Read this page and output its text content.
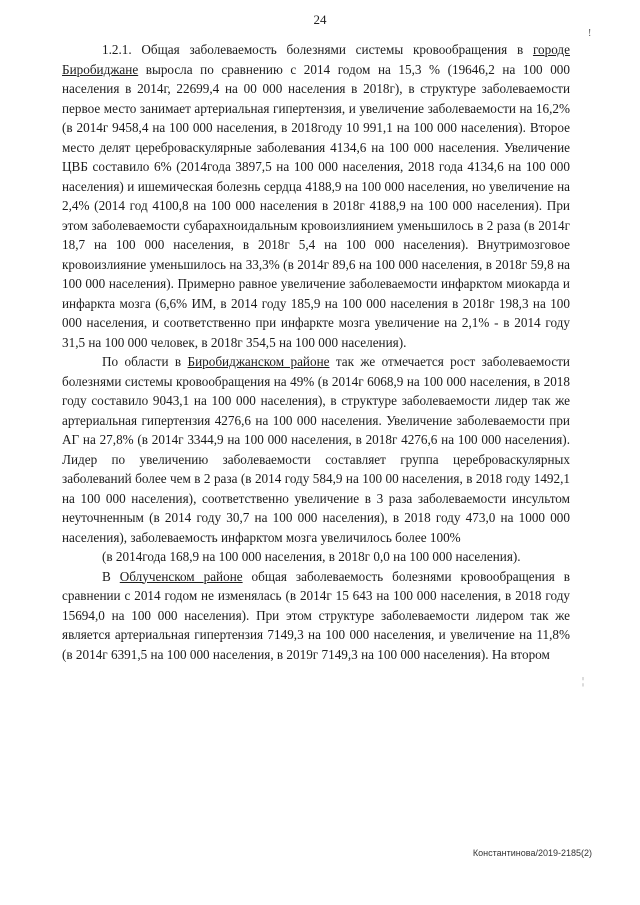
24
!
¦

1.2.1. Общая заболеваемость болезнями системы кровообращения в городе Биробиджане выросла по сравнению с 2014 годом на 15,3 % (19646,2 на 100 000 населения в 2014г, 22699,4 на 00 000 населения в 2018г), в структуре заболеваемости первое место занимает артериальная гипертензия, и увеличение заболеваемости на 16,2% (в 2014г 9458,4 на 100 000 населения, в 2018году 10 991,1 на 100 000 населения). Второе место делят цереброваскулярные заболевания 4134,6 на 100 000 населения. Увеличение ЦВБ составило 6% (2014года 3897,5 на 100 000 населения, 2018 года 4134,6 на 100 000 населения) и ишемическая болезнь сердца 4188,9 на 100 000 населения, но увеличение на 2,4% (2014 год 4100,8 на 100 000 населения в 2018г 4188,9 на 100 000 населения). При этом заболеваемости субарахноидальным кровоизлиянием уменьшилось в 2 раза (в 2014г 18,7 на 100 000 населения, в 2018г 5,4 на 100 000 населения). Внутримозговое кровоизлияние уменьшилось на 33,3% (в 2014г 89,6 на 100 000 населения, в 2018г 59,8 на 100 000 населения). Примерно равное увеличение заболеваемости инфарктом миокарда и инфаркта мозга (6,6% ИМ, в 2014 году 185,9 на 100 000 населения в 2018г 198,3 на 100 000 населения, и соответственно при инфаркте мозга увеличение на 2,1% - в 2014 году 31,5 на 100 000 человек, в 2018г 354,5 на 100 000 населения).

По области в Биробиджанском районе так же отмечается рост заболеваемости болезнями системы кровообращения на 49% (в 2014г 6068,9 на 100 000 населения, в 2018 году составило 9043,1 на 100 000 населения), в структуре заболеваемости лидер так же артериальная гипертензия 4276,6 на 100 000 населения. Увеличение заболеваемости при АГ на 27,8% (в 2014г 3344,9 на 100 000 населения, в 2018г 4276,6 на 100 000 населения). Лидер по увеличению заболеваемости составляет группа цереброваскулярных заболеваний более чем в 2 раза (в 2014 году 584,9 на 100 00 населения, в 2018 году 1492,1 на 100 000 населения), соответственно увеличение в 3 раза заболеваемости инсультом неуточненным (в 2014 году 30,7 на 100 000 населения), в 2018 году 473,0 на 1000 000 населения), заболеваемость инфарктом мозга увеличилось более 100%

(в 2014года 168,9 на 100 000 населения, в 2018г 0,0 на 100 000 населения).

В Облученском районе общая заболеваемость болезнями кровообращения в сравнении с 2014 годом не изменялась (в 2014г 15 643 на 100 000 населения, в 2018 году 15694,0 на 100 000 населения). При этом структуре заболеваемости лидером так же является артериальная гипертензия 7149,3 на 100 000 населения, и увеличение на 11,8% (в 2014г 6391,5 на 100 000 населения, в 2019г 7149,3 на 100 000 населения). На втором

Константинова/2019-2185(2)
